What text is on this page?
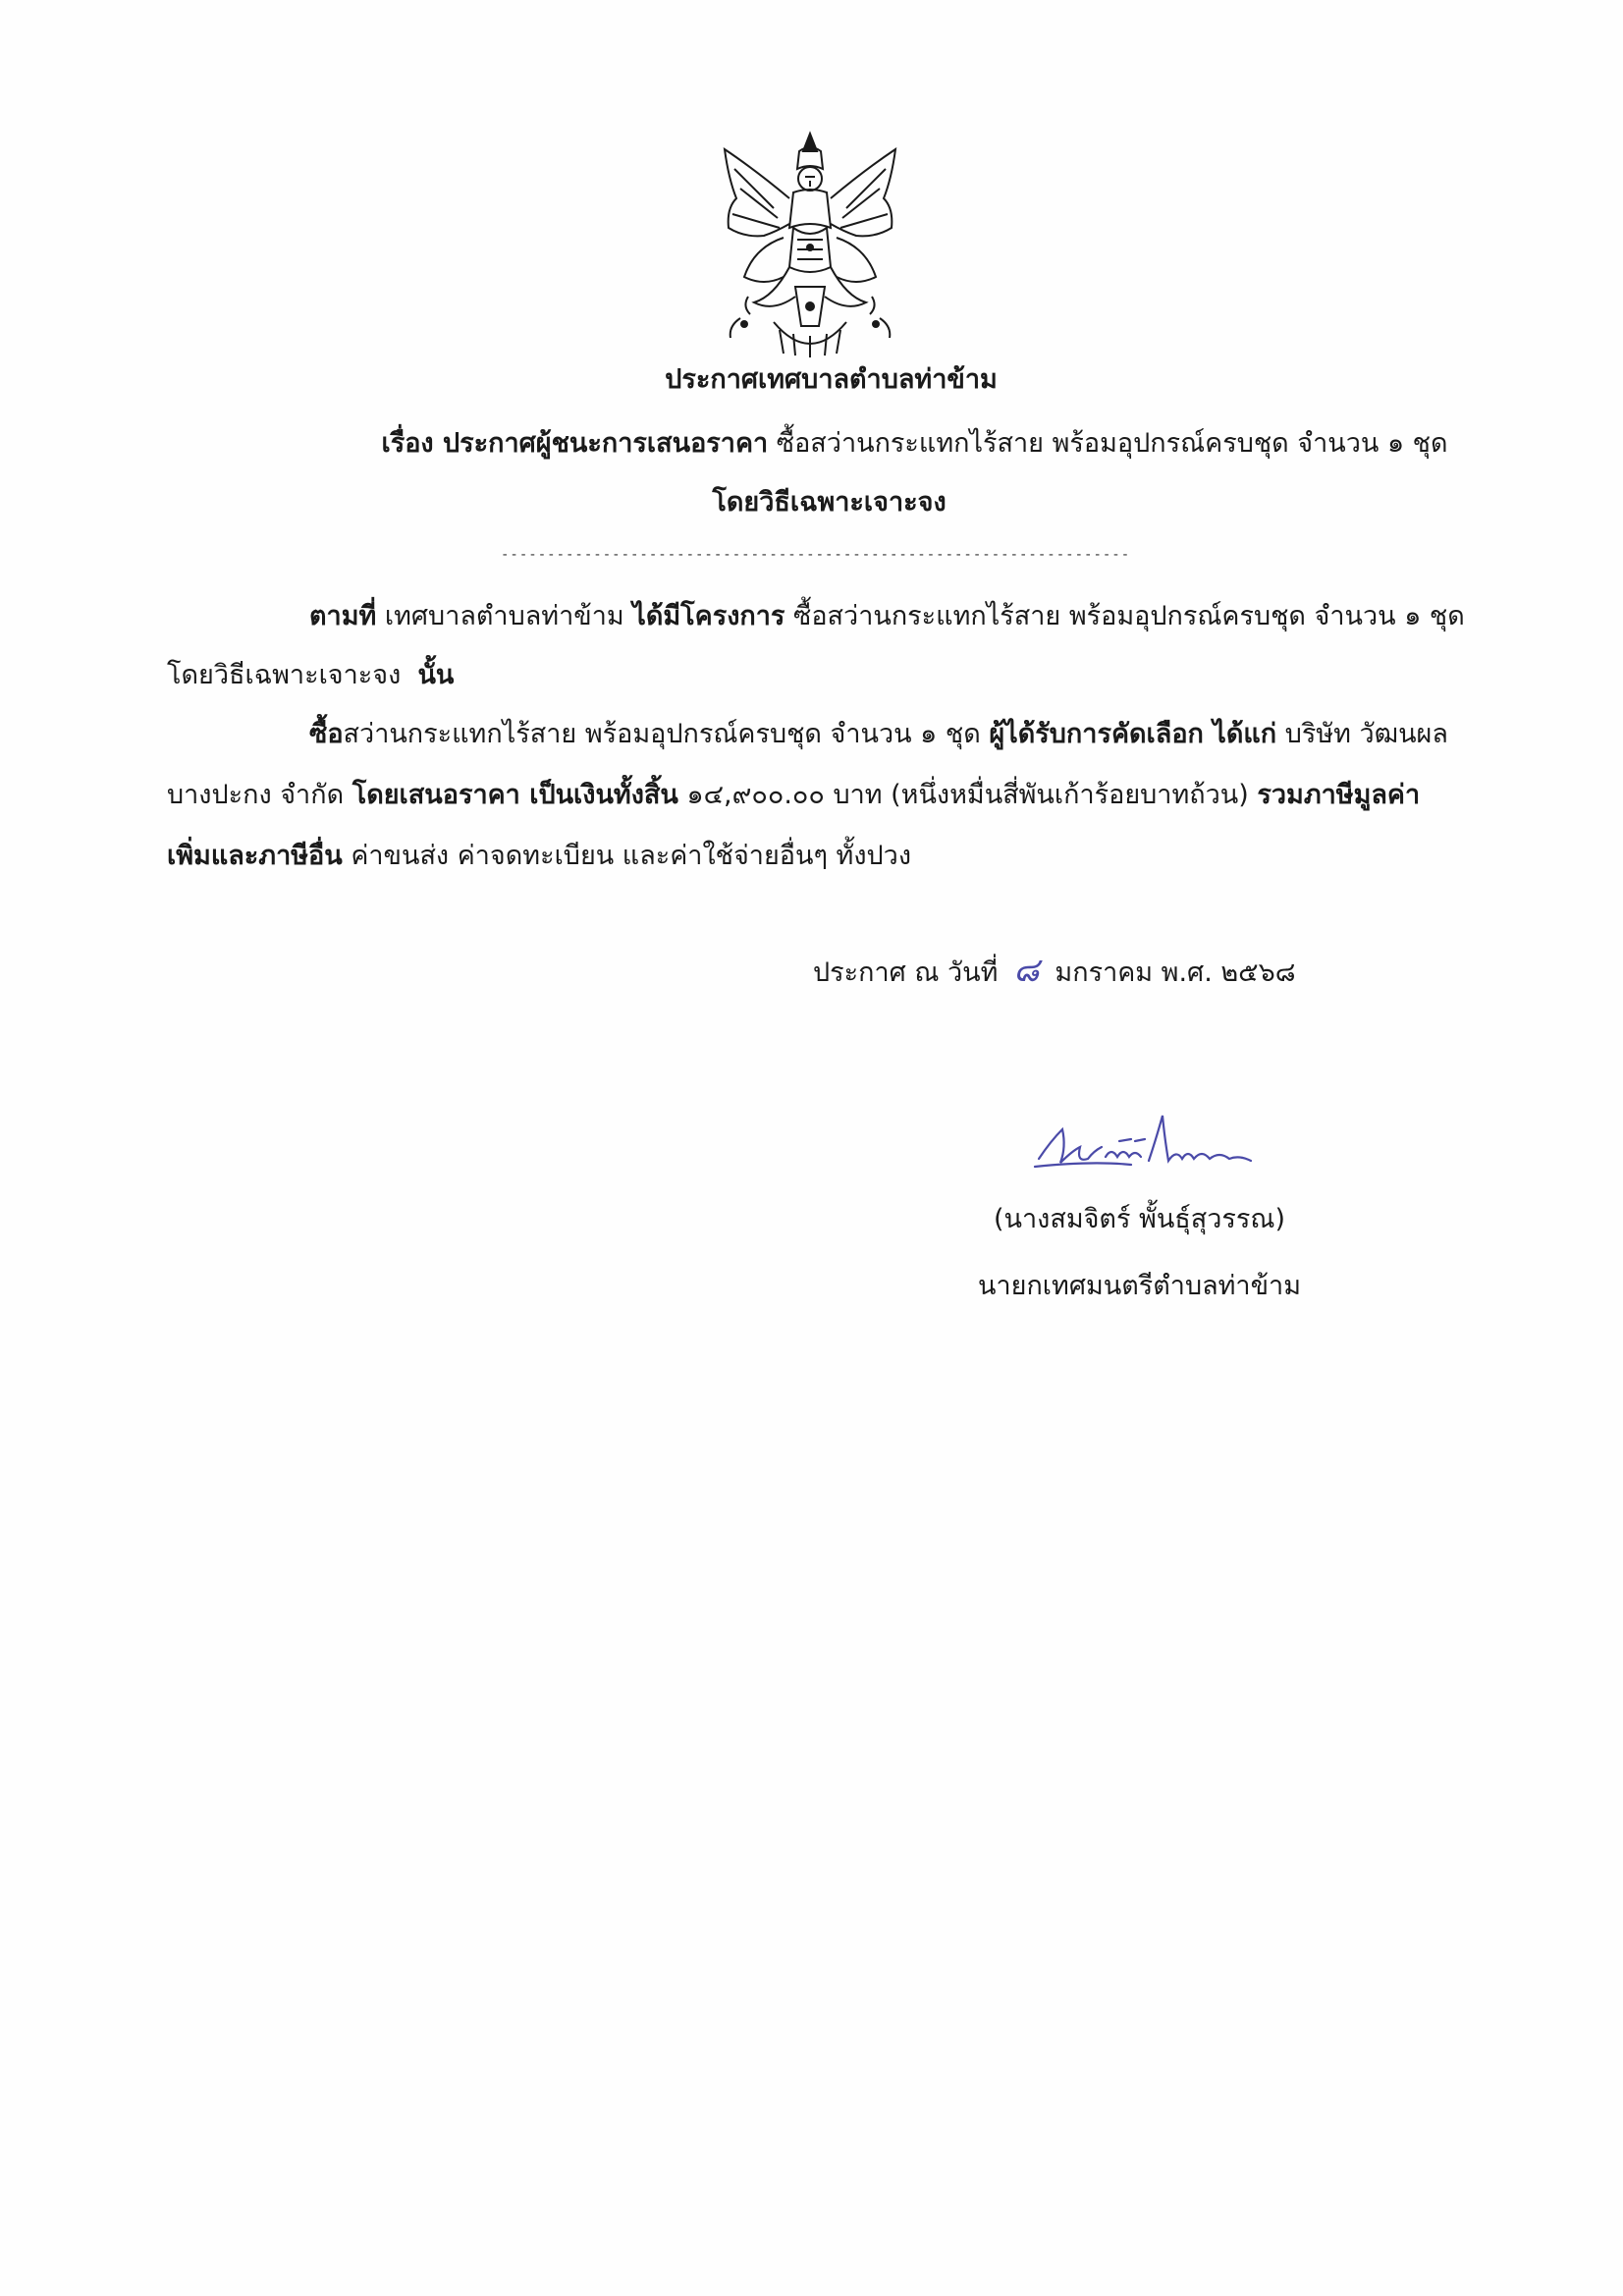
ประกาศเทศบาลตำบลท่าข้าม
เรื่อง ประกาศผู้ชนะการเสนอราคา ซื้อสว่านกระแทกไร้สาย พร้อมอุปกรณ์ครบชุด จำนวน ๑ ชุด
โดยวิธีเฉพาะเจาะจง
--------------------------------------------------------------------
ตามที่ เทศบาลตำบลท่าข้าม ได้มีโครงการ ซื้อสว่านกระแทกไร้สาย พร้อมอุปกรณ์ครบชุด จำนวน ๑ ชุด
โดยวิธีเฉพาะเจาะจง นั้น
ซื้อสว่านกระแทกไร้สาย พร้อมอุปกรณ์ครบชุด จำนวน ๑ ชุด ผู้ได้รับการคัดเลือก ได้แก่ บริษัท วัฒนผล
บางปะกง จำกัด โดยเสนอราคา เป็นเงินทั้งสิ้น ๑๔,๙๐๐.๐๐ บาท (หนึ่งหมื่นสี่พันเก้าร้อยบาทถ้วน) รวมภาษีมูลค่า
เพิ่มและภาษีอื่น ค่าขนส่ง ค่าจดทะเบียน และค่าใช้จ่ายอื่นๆ ทั้งปวง
ประกาศ ณ วันที่ ๘ มกราคม พ.ศ. ๒๕๖๘
(นางสมจิตร์ พั้นธุ์สุวรรณ)
นายกเทศมนตรีตำบลท่าข้าม
